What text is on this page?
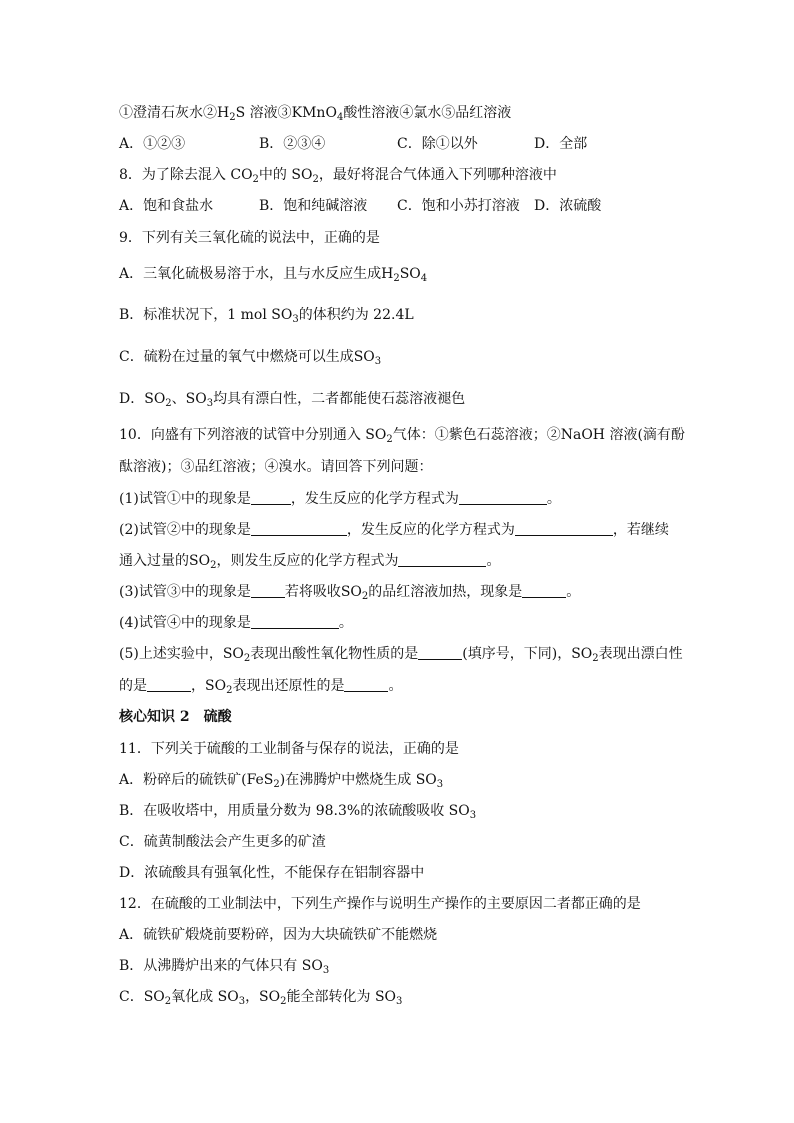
①澄清石灰水$②H_2S$ 溶液③KMnO$_4$酸性溶液④氯水⑤品红溶液
A．①②③	B．②③④	C．除①以外	D．全部
8．为了除去混入 $CO_2$中的 $SO_2$，最好将混合气体通入下列哪种溶液中
A．饱和食盐水	B．饱和纯碱溶液 C．饱和小苏打溶液 D．浓硫酸
9．下列有关三氧化硫的说法中，正确的是
A．三氧化硫极易溶于水，且与水反应生成$H_2SO_4$
B．标准状况下，1 mol $SO_3$的体积约为 22.4L
C．硫粉在过量的氧气中燃烧可以生成$SO_3$
D．$SO_2$、$SO_3$均具有漂白性，二者都能使石蕊溶液褪色
10．向盛有下列溶液的试管中分别通入 $SO_2$气体：①紫色石蕊溶液；②NaOH 溶液(滴有酚
酞溶液)；③品红溶液；④溴水。请回答下列问题：
(1)试管①中的现象是	，发生反应的化学方程式为	。
(2)试管②中的现象是	，发生反应的化学方程式为	，若继续
通入过量的$SO_2$，则发生反应的化学方程式为	。
(3)试管③中的现象是 若将吸收$SO_2$的品红溶液加热，现象是	。
(4)试管④中的现象是	。
(5)上述实验中，$SO_2$表现出酸性氧化物性质的是	(填序号，下同)，$SO_2$表现出漂白性
的是	，$SO_2$表现出还原性的是	。
核心知识 2　硫酸
11．下列关于硫酸的工业制备与保存的说法，正确的是
A．粉碎后的硫铁矿(FeS$_2$)在沸腾炉中燃烧生成 $SO_3$
B．在吸收塔中，用质量分数为 98.3%的浓硫酸吸收 $SO_3$
C．硫黄制酸法会产生更多的矿渣
D．浓硫酸具有强氧化性，不能保存在铝制容器中
12．在硫酸的工业制法中，下列生产操作与说明生产操作的主要原因二者都正确的是
A．硫铁矿煅烧前要粉碎，因为大块硫铁矿不能燃烧
B．从沸腾炉出来的气体只有 $SO_3$
C．$SO_2$氧化成 $SO_3$，$SO_2$能全部转化为 $SO_3$
